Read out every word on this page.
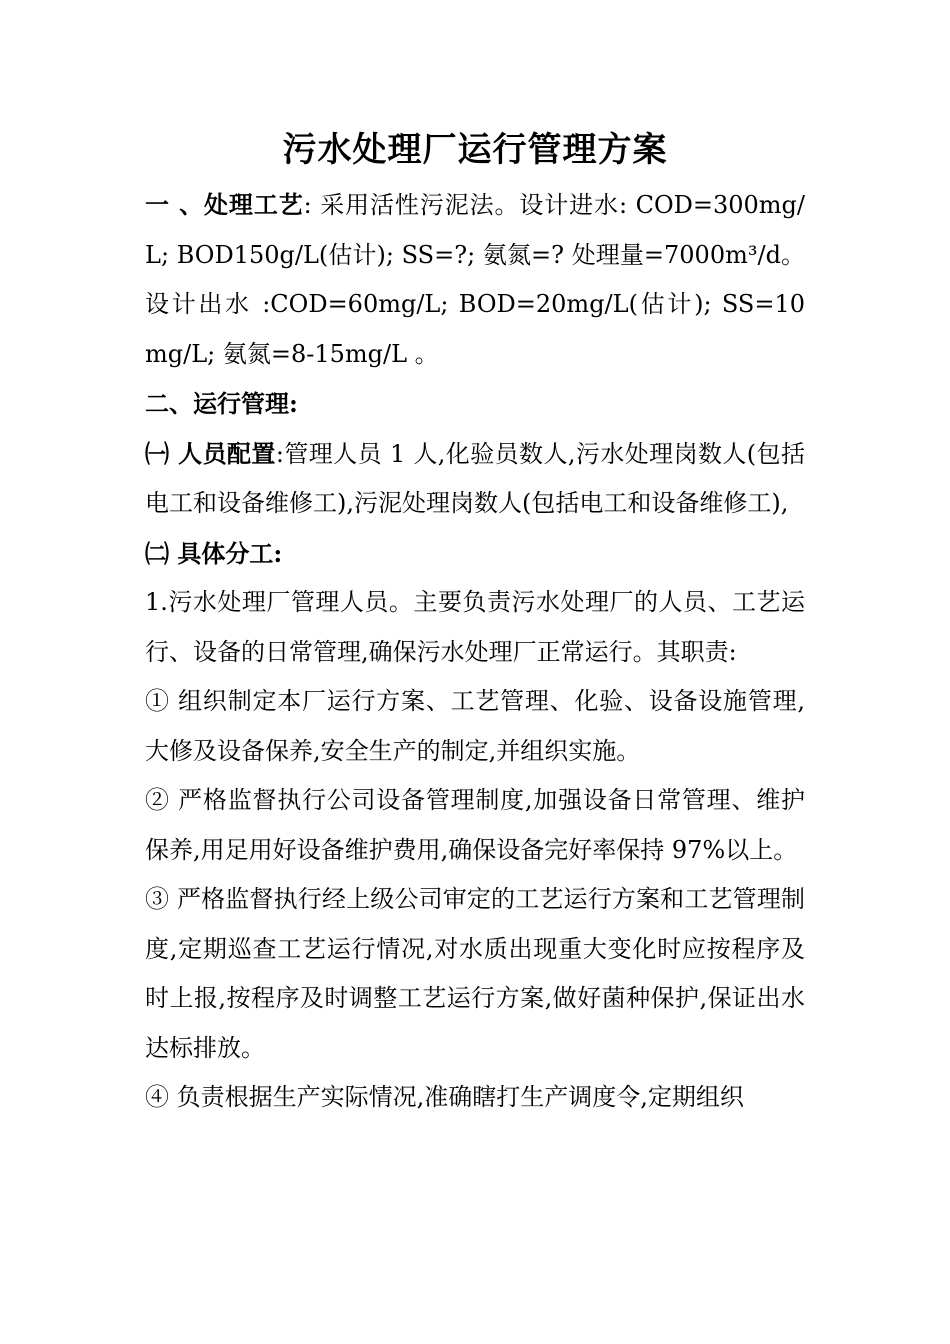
污水处理厂运行管理方案

一 、处理工艺: 采用活性污泥法。设计进水: COD=300mg/L; BOD150g/L(估计); SS=?; 氨氮=? 处理量=7000m³/d。 设计出水 :COD=60mg/L; BOD=20mg/L(估计); SS=10 mg/L; 氨氮=8-15mg/L 。

二、运行管理:

㈠ 人员配置:管理人员 1 人,化验员数人,污水处理岗数人(包括电工和设备维修工),污泥处理岗数人(包括电工和设备维修工),

㈡ 具体分工:

1.污水处理厂管理人员。主要负责污水处理厂的人员、工艺运行、设备的日常管理,确保污水处理厂正常运行。其职责:

① 组织制定本厂运行方案、工艺管理、化验、设备设施管理,大修及设备保养,安全生产的制定,并组织实施。

② 严格监督执行公司设备管理制度,加强设备日常管理、维护保养,用足用好设备维护费用,确保设备完好率保持 97%以上。

③ 严格监督执行经上级公司审定的工艺运行方案和工艺管理制度,定期巡查工艺运行情况,对水质出现重大变化时应按程序及时上报,按程序及时调整工艺运行方案,做好菌种保护,保证出水达标排放。

④ 负责根据生产实际情况,准确瞎打生产调度令,定期组织
